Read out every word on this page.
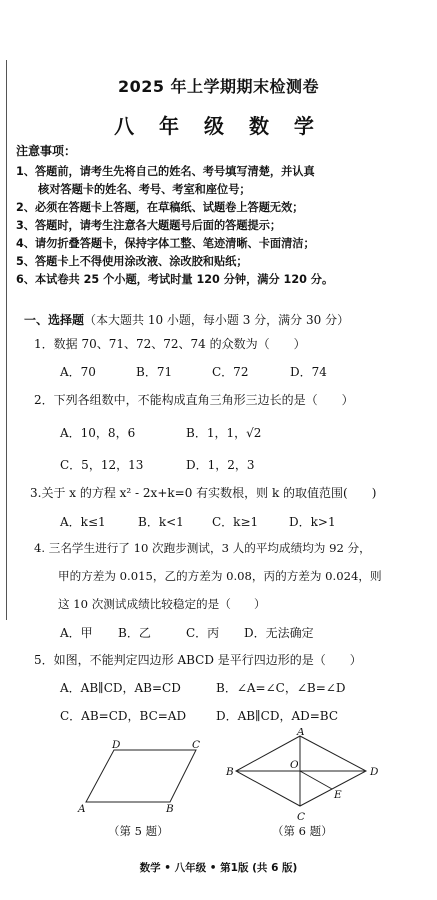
2025 年上学期期末检测卷
八 年 级 数 学
注意事项：
1、答题前，请考生先将自己的姓名、考号填写清楚，并认真
核对答题卡的姓名、考号、考室和座位号；
2、必须在答题卡上答题，在草稿纸、试题卷上答题无效；
3、答题时，请考生注意各大题题号后面的答题提示；
4、请勿折叠答题卡，保持字体工整、笔迹清晰、卡面清洁；
5、答题卡上不得使用涂改液、涂改胶和贴纸；
6、本试卷共 25 个小题，考试时量 120 分钟，满分 120 分。
一、选择题（本大题共 10 小题，每小题 3 分，满分 30 分）
1．数据 70、71、72、72、74 的众数为（　　）
A．70	B．71	C．72	D．74
2．下列各组数中，不能构成直角三角形三边长的是（　　）
A．10，8，6	B．1，1，√2
C．5，12，13	D．1，2，3
3.关于 x 的方程 x² - 2x+k=0 有实数根，则 k 的取值范围(　　)
A．k≤1	B．k<1 C．k≥1	D．k>1
4. 三名学生进行了 10 次跑步测试，3 人的平均成绩均为 92 分，
甲的方差为 0.015，乙的方差为 0.08，丙的方差为 0.024，则
这 10 次测试成绩比较稳定的是（　　）
A．甲 B．乙	C．丙 D．无法确定
5．如图，不能判定四边形 ABCD 是平行四边形的是（　　）
A．AB∥CD，AB=CD	B．∠A=∠C，∠B=∠D
C．AB=CD，BC=AD D．AB∥CD，AD=BC
D	C
A	B
（第 5 题）
A
B
O
D
E
C
（第 6 题）
数学 • 八年级 • 第1版 (共 6 版)
